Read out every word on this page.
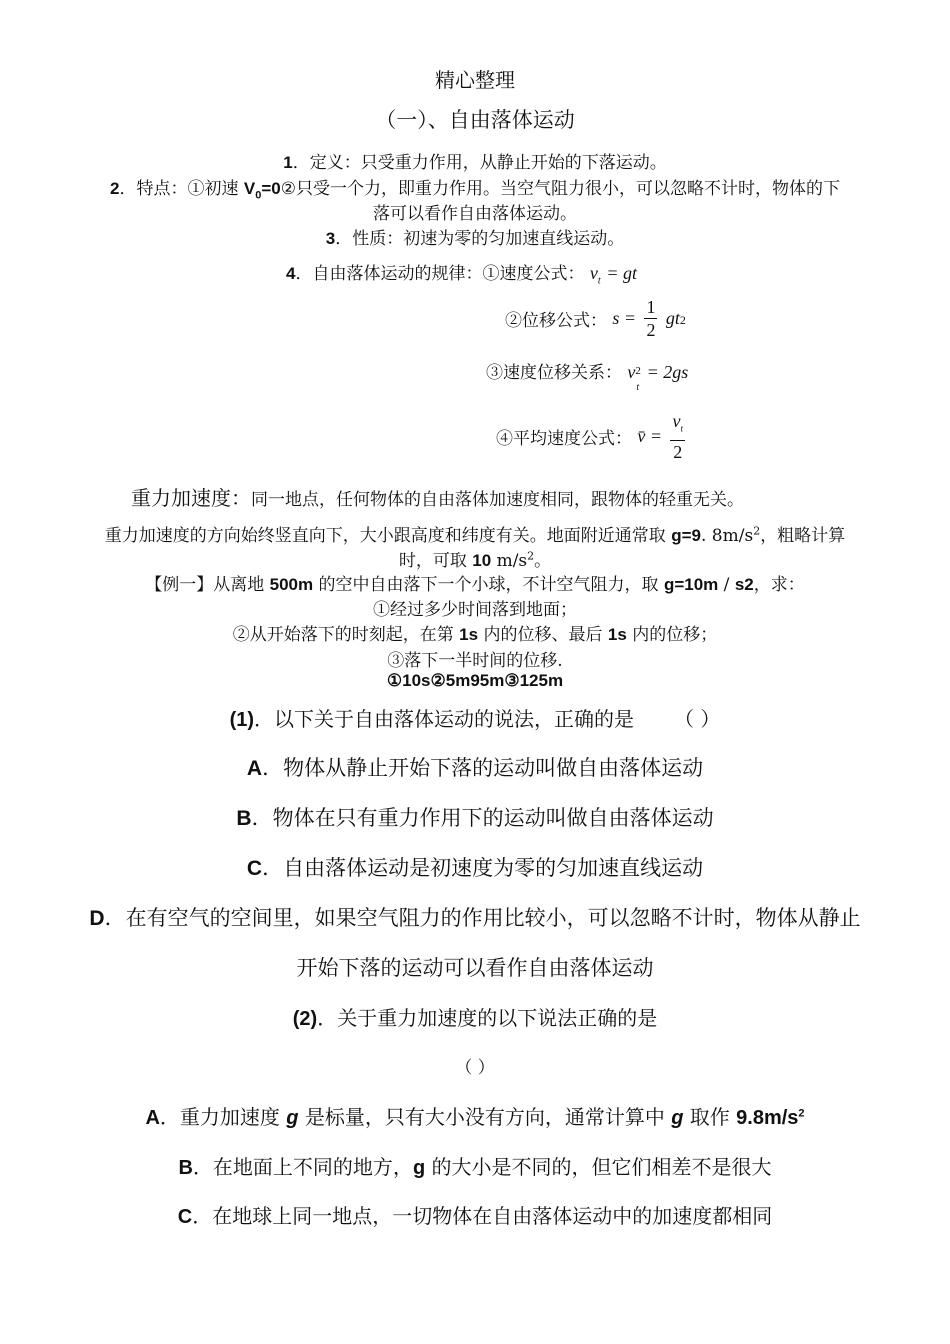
精心整理
（一）、自由落体运动
1．定义：只受重力作用，从静止开始的下落运动。
2．特点：①初速 $V_0=0②$只受一个力，即重力作用。当空气阻力很小，可以忽略不计时，物体的下
落可以看作自由落体运动。
3．性质：初速为零的匀加速直线运动。
4．自由落体运动的规律：①速度公式： $v_t$ = gt
②位移公式： $s = \frac{1}{2} gt2$
③速度位移关系： $v^2$
t
= 2gs
④平均速度公式： v̄ = $\frac{v_t}{2}$
重力加速度：同一地点，任何物体的自由落体加速度相同，跟物体的轻重无关。
重力加速度的方向始终竖直向下，大小跟高度和纬度有关。地面附近通常取 g=9. $8m/s^2$，粗略计算
时，可取 10 $m/s^2$。
【例一】从离地 500m 的空中自由落下一个小球，不计空气阻力，取 g=10m / s2，求：
①经过多少时间落到地面；
②从开始落下的时刻起，在第 1s 内的位移、最后 1s 内的位移；
③落下一半时间的位移.
①10s②5m95m③125m
(1)．以下关于自由落体运动的说法，正确的是 （ ）
A．物体从静止开始下落的运动叫做自由落体运动
B．物体在只有重力作用下的运动叫做自由落体运动
C．自由落体运动是初速度为零的匀加速直线运动
D．在有空气的空间里，如果空气阻力的作用比较小，可以忽略不计时，物体从静止
开始下落的运动可以看作自由落体运动
(2)．关于重力加速度的以下说法正确的是
（ ）
A．重力加速度 g 是标量，只有大小没有方向，通常计算中 g 取作 $9.8m/s^2$
B．在地面上不同的地方，g 的大小是不同的，但它们相差不是很大
C．在地球上同一地点，一切物体在自由落体运动中的加速度都相同
